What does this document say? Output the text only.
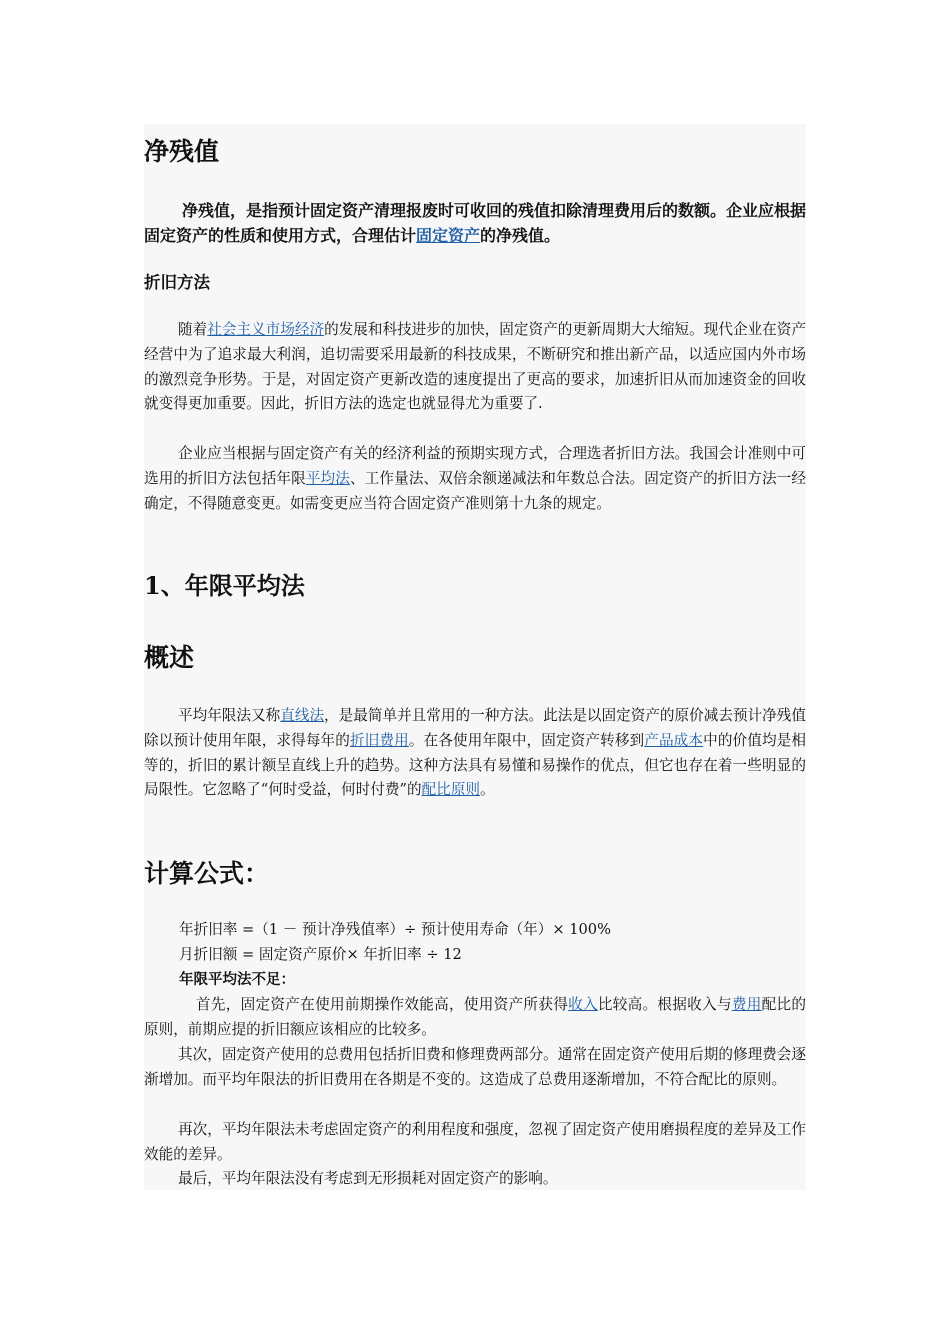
净残值

净残值，是指预计固定资产清理报废时可收回的残值扣除清理费用后的数额。企业应根据固定资产的性质和使用方式，合理估计固定资产的净残值。

折旧方法

随着社会主义市场经济的发展和科技进步的加快，固定资产的更新周期大大缩短。现代企业在资产经营中为了追求最大利润，追切需要采用最新的科技成果，不断研究和推出新产品，以适应国内外市场的激烈竞争形势。于是，对固定资产更新改造的速度提出了更高的要求，加速折旧从而加速资金的回收就变得更加重要。因此，折旧方法的选定也就显得尤为重要了.

企业应当根据与固定资产有关的经济利益的预期实现方式，合理选者折旧方法。我国会计准则中可选用的折旧方法包括年限平均法、工作量法、双倍余额递减法和年数总合法。固定资产的折旧方法一经确定，不得随意变更。如需变更应当符合固定资产准则第十九条的规定。

1、年限平均法
概述

平均年限法又称直线法，是最简单并且常用的一种方法。此法是以固定资产的原价减去预计净残值除以预计使用年限，求得每年的折旧费用。在各使用年限中，固定资产转移到产品成本中的价值均是相等的，折旧的累计额呈直线上升的趋势。这种方法具有易懂和易操作的优点，但它也存在着一些明显的局限性。它忽略了“何时受益，何时付费”的配比原则。

计算公式：

年折旧率 =（1 － 预计净残值率）÷ 预计使用寿命（年）× 100%

月折旧额 = 固定资产原价× 年折旧率 ÷ 12

年限平均法不足：

首先，固定资产在使用前期操作效能高，使用资产所获得收入比较高。根据收入与费用配比的原则，前期应提的折旧额应该相应的比较多。

其次，固定资产使用的总费用包括折旧费和修理费两部分。通常在固定资产使用后期的修理费会逐渐增加。而平均年限法的折旧费用在各期是不变的。这造成了总费用逐渐增加，不符合配比的原则。

再次，平均年限法未考虑固定资产的利用程度和强度，忽视了固定资产使用磨损程度的差异及工作效能的差异。

最后，平均年限法没有考虑到无形损耗对固定资产的影响。
